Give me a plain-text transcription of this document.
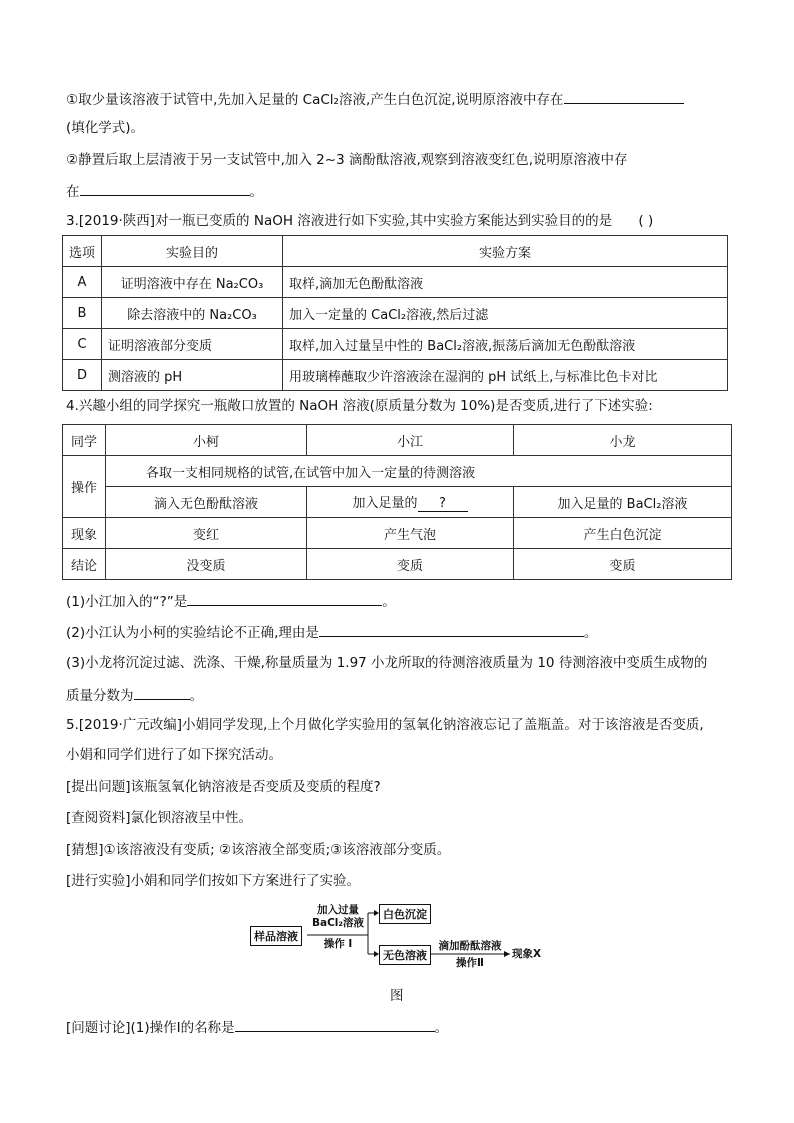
①取少量该溶液于试管中,先加入足量的 CaCl₂溶液,产生白色沉淀,说明原溶液中存在
(填化学式)。
②静置后取上层清液于另一支试管中,加入 2~3 滴酚酞溶液,观察到溶液变红色,说明原溶液中存
在	。
3.[2019·陕西]对一瓶已变质的 NaOH 溶液进行如下实验,其中实验方案能达到实验目的的是 ( )
选项	实验目的	实验方案
A	证明溶液中存在 Na₂CO₃	取样,滴加无色酚酞溶液
B	除去溶液中的 Na₂CO₃	加入一定量的 CaCl₂溶液,然后过滤
C	证明溶液部分变质	取样,加入过量呈中性的 BaCl₂溶液,振荡后滴加无色酚酞溶液
D	测溶液的 pH	用玻璃棒蘸取少许溶液涂在湿润的 pH 试纸上,与标准比色卡对比
4.兴趣小组的同学探究一瓶敞口放置的 NaOH 溶液(原质量分数为 10%)是否变质,进行了下述实验:
同学	小柯	小江	小龙
操作	各取一支相同规格的试管,在试管中加入一定量的待测溶液		
	滴入无色酚酞溶液	加入足量的 ?	加入足量的 BaCl₂溶液
现象	变红	产生气泡	产生白色沉淀
结论	没变质	变质	变质
(1)小江加入的“?”是	。
(2)小江认为小柯的实验结论不正确,理由是	。
(3)小龙将沉淀过滤、洗涤、干燥,称量质量为 1.97 小龙所取的待测溶液质量为 10 待测溶液中变质生成物的
质量分数为	。
5.[2019·广元改编]小娟同学发现,上个月做化学实验用的氢氧化钠溶液忘记了盖瓶盖。对于该溶液是否变质,
小娟和同学们进行了如下探究活动。
[提出问题]该瓶氢氧化钠溶液是否变质及变质的程度?
[查阅资料]氯化钡溶液呈中性。
[猜想]①该溶液没有变质; ②该溶液全部变质;③该溶液部分变质。
[进行实验]小娟和同学们按如下方案进行了实验。
样品溶液
加入过量
BaCl₂溶液
操作 I
白色沉淀
无色溶液
滴加酚酞溶液
操作Ⅱ
现象X
图
[问题讨论](1)操作Ⅰ的名称是	。
